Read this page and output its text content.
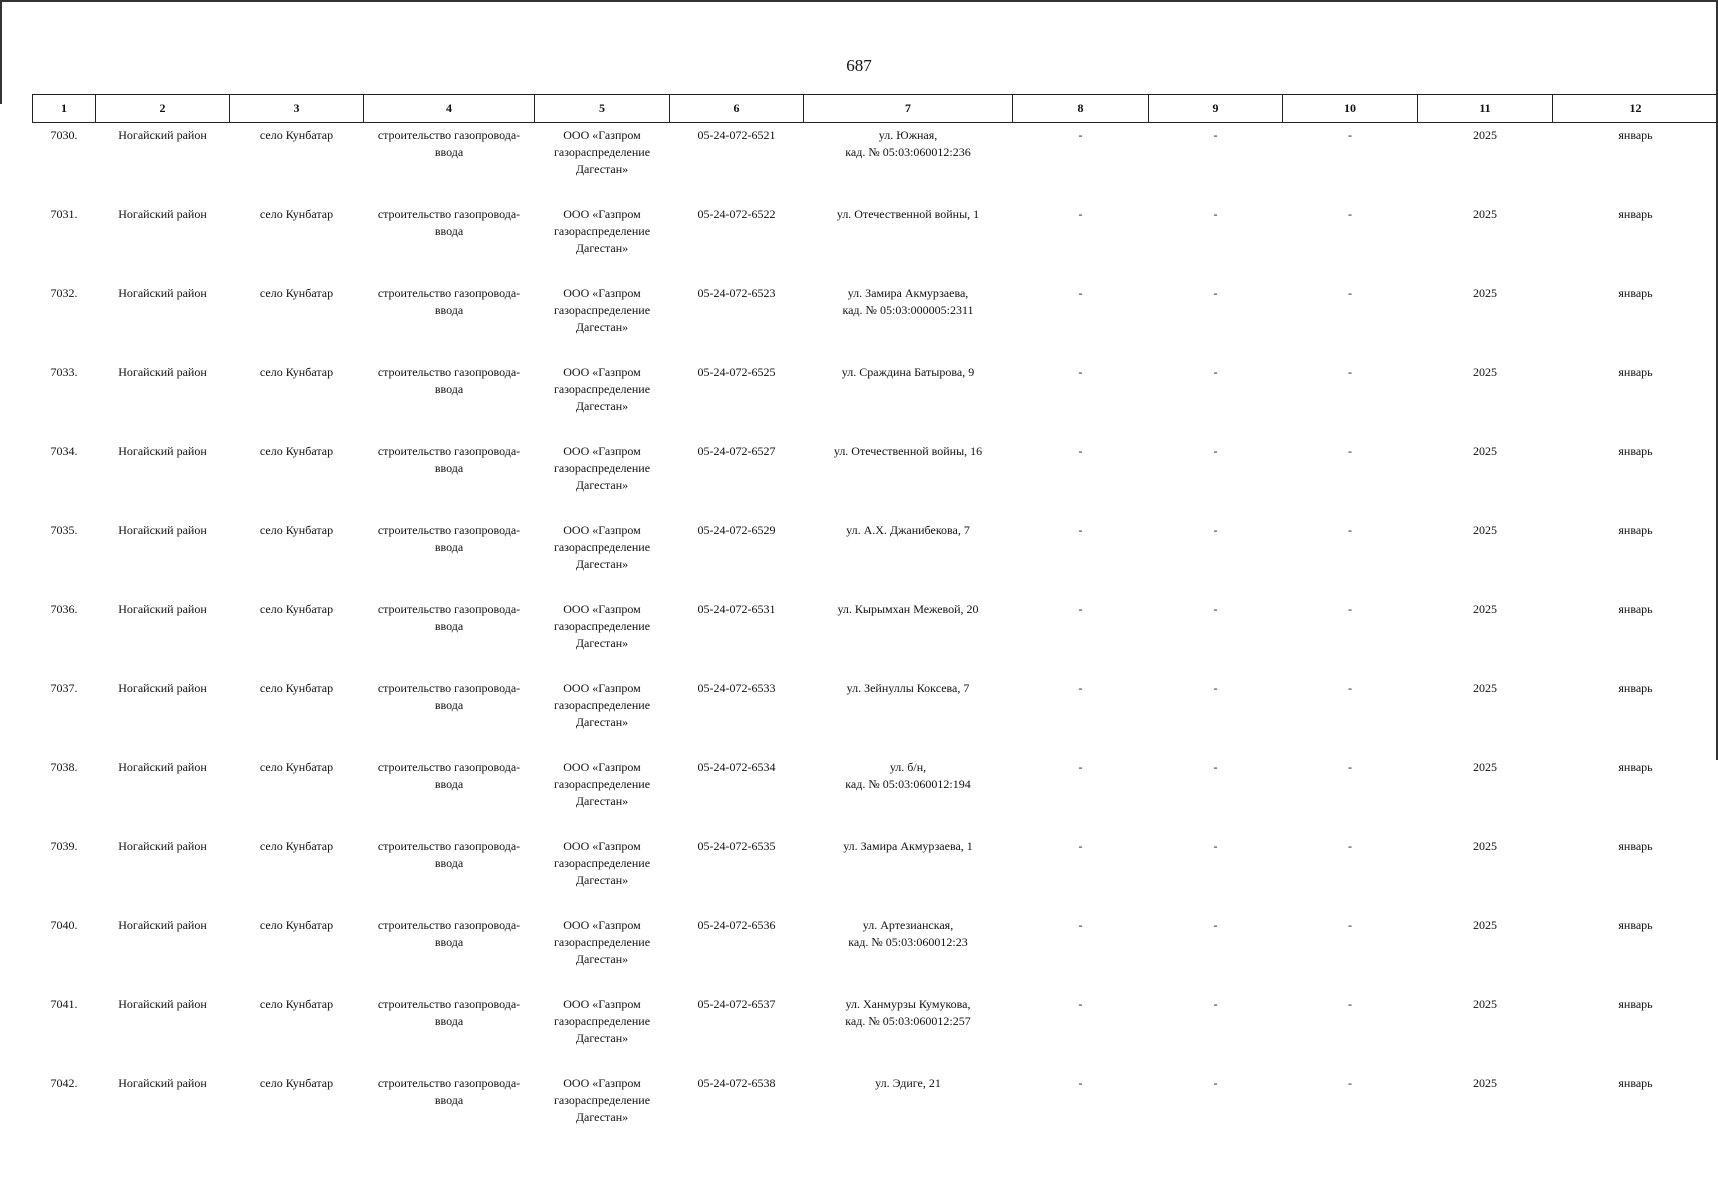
687
1	2	3	4	5	6	7	8	9	10	11	12
7030.	Ногайский район	село Кунбатар	строительство газопровода-
ввода	ООО «Газпром
газораспределение
Дагестан»	05-24-072-6521	ул. Южная,
кад. № 05:03:060012:236	-	-	-	2025	январь
7031.	Ногайский район	село Кунбатар	строительство газопровода-
ввода	ООО «Газпром
газораспределение
Дагестан»	05-24-072-6522	ул. Отечественной войны, 1	-	-	-	2025	январь
7032.	Ногайский район	село Кунбатар	строительство газопровода-
ввода	ООО «Газпром
газораспределение
Дагестан»	05-24-072-6523	ул. Замира Акмурзаева,
кад. № 05:03:000005:2311	-	-	-	2025	январь
7033.	Ногайский район	село Кунбатар	строительство газопровода-
ввода	ООО «Газпром
газораспределение
Дагестан»	05-24-072-6525	ул. Сраждина Батырова, 9	-	-	-	2025	январь
7034.	Ногайский район	село Кунбатар	строительство газопровода-
ввода	ООО «Газпром
газораспределение
Дагестан»	05-24-072-6527	ул. Отечественной войны, 16	-	-	-	2025	январь
7035.	Ногайский район	село Кунбатар	строительство газопровода-
ввода	ООО «Газпром
газораспределение
Дагестан»	05-24-072-6529	ул. А.Х. Джанибекова, 7	-	-	-	2025	январь
7036.	Ногайский район	село Кунбатар	строительство газопровода-
ввода	ООО «Газпром
газораспределение
Дагестан»	05-24-072-6531	ул. Кырымхан Межевой, 20	-	-	-	2025	январь
7037.	Ногайский район	село Кунбатар	строительство газопровода-
ввода	ООО «Газпром
газораспределение
Дагестан»	05-24-072-6533	ул. Зейнуллы Коксева, 7	-	-	-	2025	январь
7038.	Ногайский район	село Кунбатар	строительство газопровода-
ввода	ООО «Газпром
газораспределение
Дагестан»	05-24-072-6534	ул. б/н,
кад. № 05:03:060012:194	-	-	-	2025	январь
7039.	Ногайский район	село Кунбатар	строительство газопровода-
ввода	ООО «Газпром
газораспределение
Дагестан»	05-24-072-6535	ул. Замира Акмурзаева, 1	-	-	-	2025	январь
7040.	Ногайский район	село Кунбатар	строительство газопровода-
ввода	ООО «Газпром
газораспределение
Дагестан»	05-24-072-6536	ул. Артезианская,
кад. № 05:03:060012:23	-	-	-	2025	январь
7041.	Ногайский район	село Кунбатар	строительство газопровода-
ввода	ООО «Газпром
газораспределение
Дагестан»	05-24-072-6537	ул. Ханмурзы Кумукова,
кад. № 05:03:060012:257	-	-	-	2025	январь
7042.	Ногайский район	село Кунбатар	строительство газопровода-
ввода	ООО «Газпром
газораспределение
Дагестан»	05-24-072-6538	ул. Эдиге, 21	-	-	-	2025	январь
